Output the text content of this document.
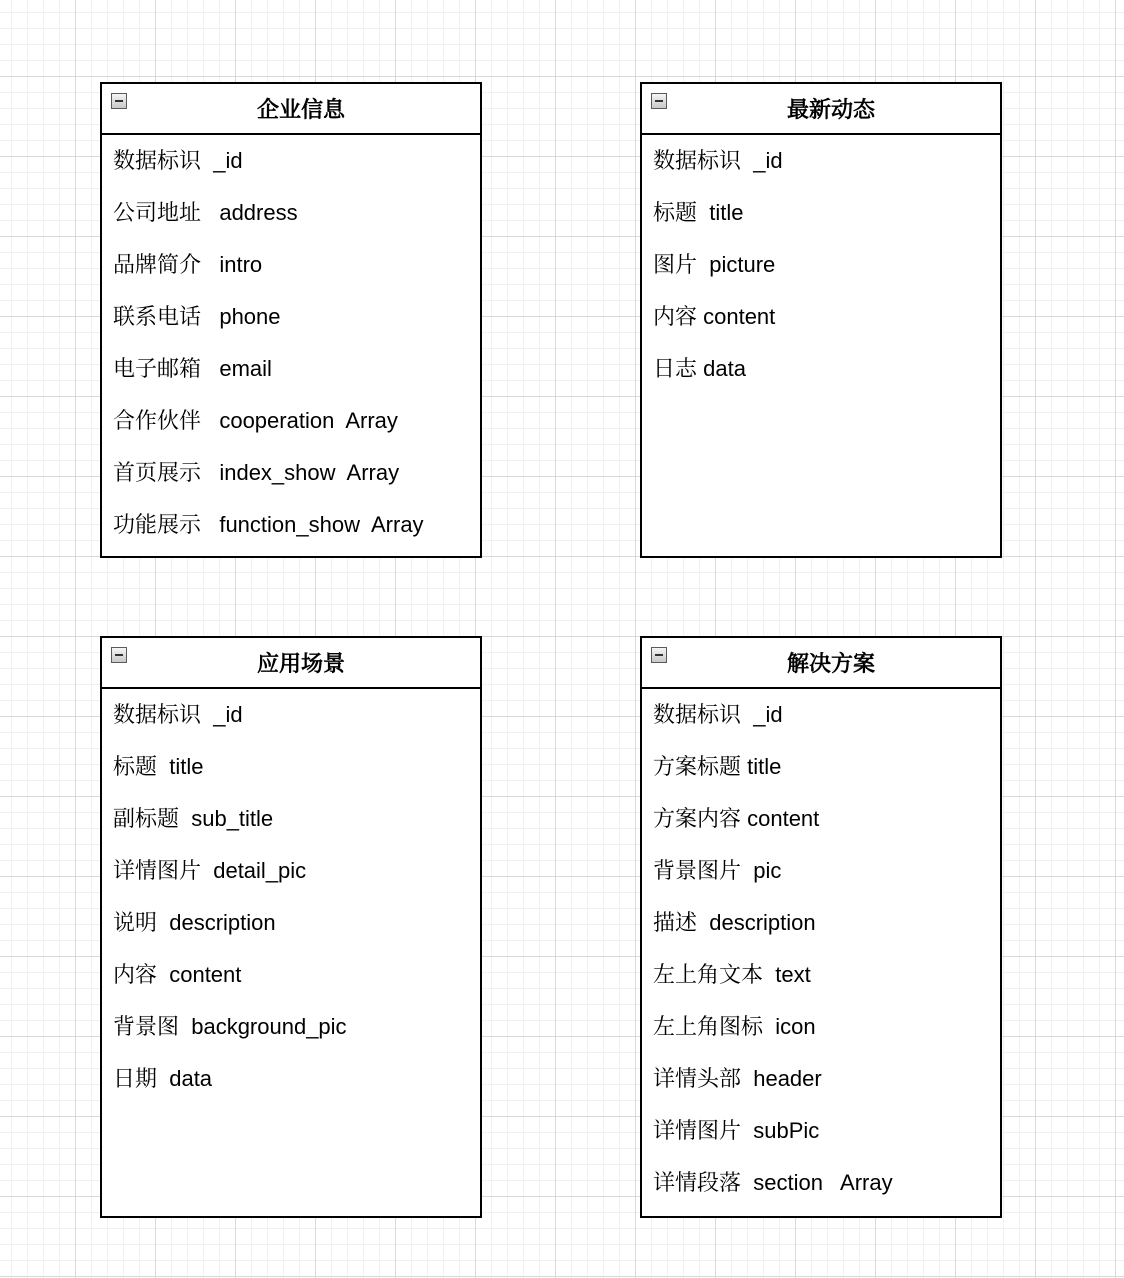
企业信息
数据标识  _id
公司地址   address
品牌简介   intro
联系电话   phone
电子邮箱   email
合作伙伴   cooperation  Array
首页展示   index_show  Array
功能展示   function_show  Array
最新动态
数据标识  _id
标题  title
图片  picture
内容 content
日志 data
应用场景
数据标识  _id
标题  title
副标题  sub_title
详情图片  detail_pic
说明  description
内容  content
背景图  background_pic
日期  data
解决方案
数据标识  _id
方案标题 title
方案内容 content
背景图片  pic
描述  description
左上角文本  text
左上角图标  icon
详情头部  header
详情图片  subPic
详情段落  section   Array
